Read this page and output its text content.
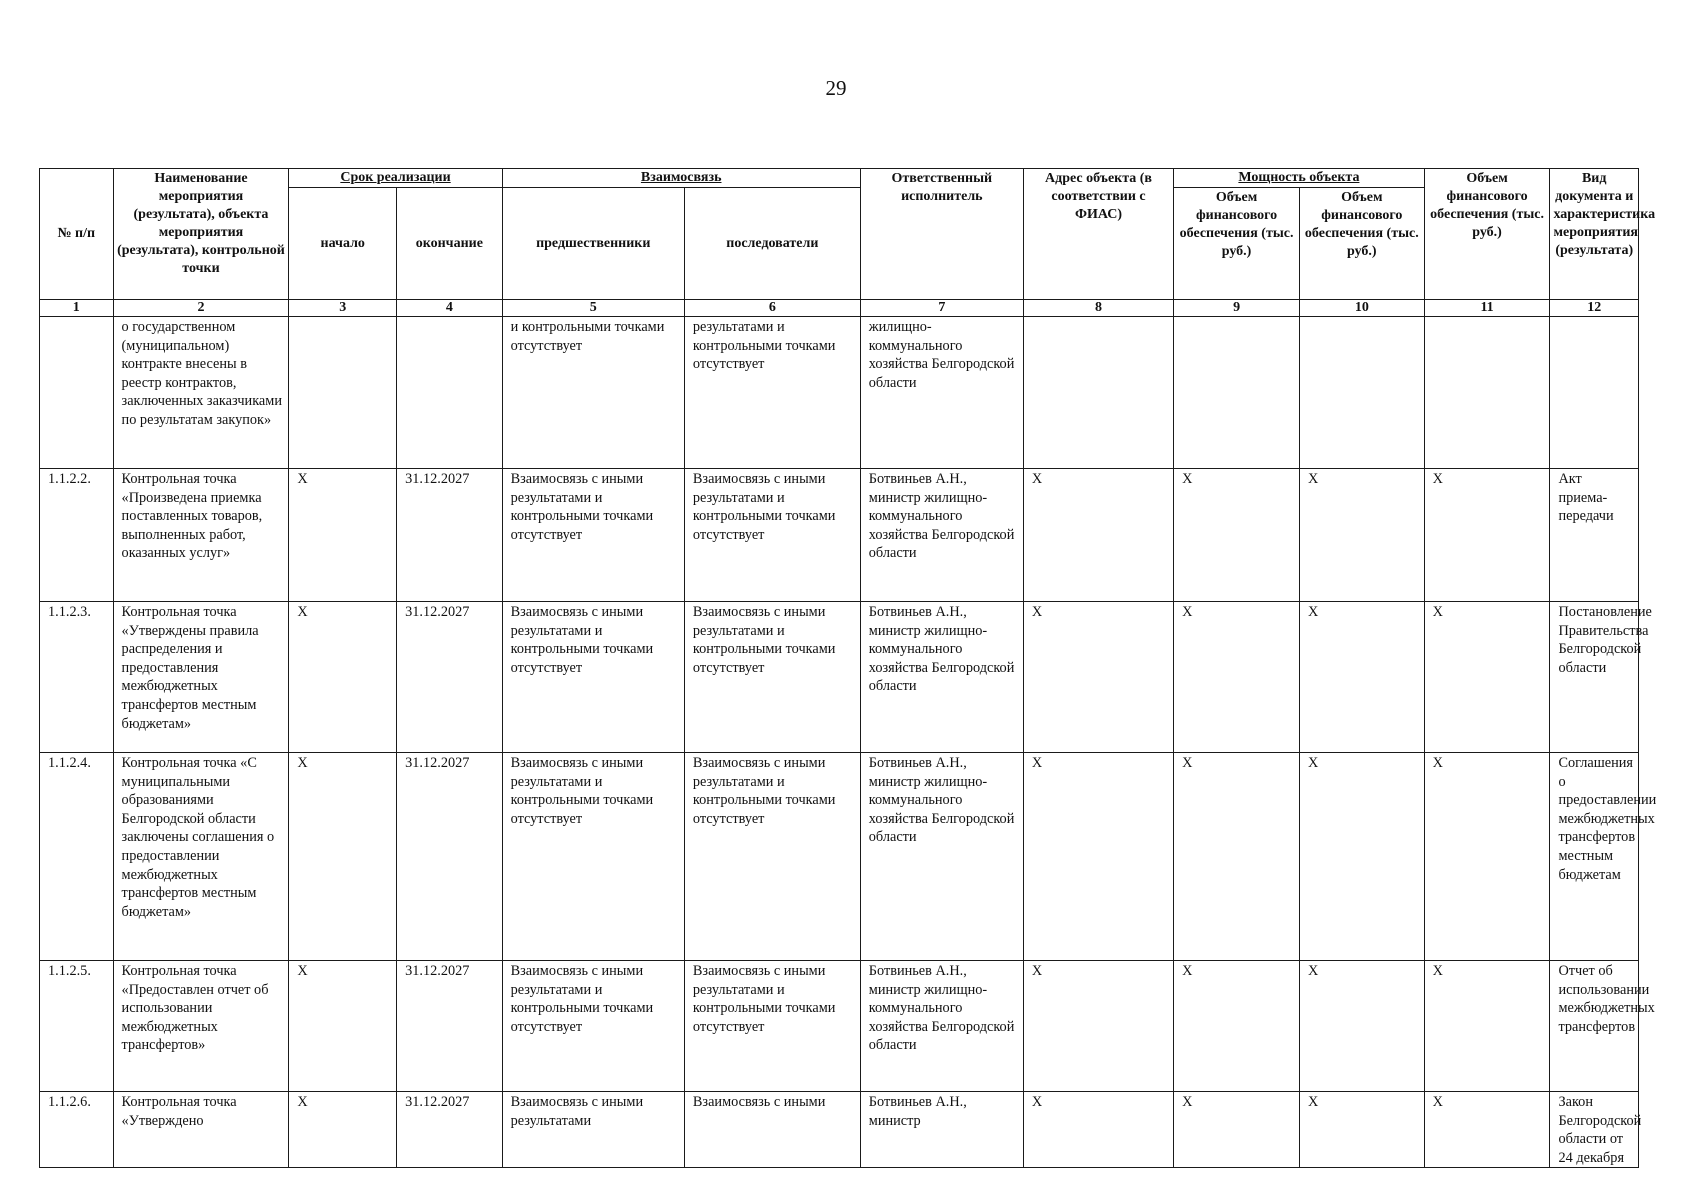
29
№ п/п	Наименование мероприятия (результата), объекта мероприятия (результата), контрольной точки	Срок реализации		Взаимосвязь		Ответственный исполнитель	Адрес объекта (в соответствии с ФИАС)	Мощность объекта		Объем финансового обеспечения (тыс. руб.)	Вид документа и характеристика мероприятия (результата)
		начало	окончание	предшественники	последователи			Объем финансового обеспечения (тыс. руб.)	Объем финансового обеспечения (тыс. руб.)		
1	2	3	4	5	6	7	8	9	10	11	12
	о государственном (муниципальном) контракте внесены в реестр контрактов, заключенных заказчиками по результатам закупок»			и контрольными точками отсутствует	результатами и контрольными точками отсутствует	жилищно-коммунального хозяйства Белгородской области					
1.1.2.2.	Контрольная точка «Произведена приемка поставленных товаров, выполненных работ, оказанных услуг»	X	31.12.2027	Взаимосвязь с иными результатами и контрольными точками отсутствует	Взаимосвязь с иными результатами и контрольными точками отсутствует	Ботвиньев А.Н., министр жилищно-коммунального хозяйства Белгородской области	X	X	X	X	Акт приема-передачи
1.1.2.3.	Контрольная точка «Утверждены правила распределения и предоставления межбюджетных трансфертов местным бюджетам»	X	31.12.2027	Взаимосвязь с иными результатами и контрольными точками отсутствует	Взаимосвязь с иными результатами и контрольными точками отсутствует	Ботвиньев А.Н., министр жилищно-коммунального хозяйства Белгородской области	X	X	X	X	Постановление Правительства Белгородской области
1.1.2.4.	Контрольная точка «С муниципальными образованиями Белгородской области заключены соглашения о предоставлении межбюджетных трансфертов местным бюджетам»	X	31.12.2027	Взаимосвязь с иными результатами и контрольными точками отсутствует	Взаимосвязь с иными результатами и контрольными точками отсутствует	Ботвиньев А.Н., министр жилищно-коммунального хозяйства Белгородской области	X	X	X	X	Соглашения о предоставлении межбюджетных трансфертов местным бюджетам
1.1.2.5.	Контрольная точка «Предоставлен отчет об использовании межбюджетных трансфертов»	X	31.12.2027	Взаимосвязь с иными результатами и контрольными точками отсутствует	Взаимосвязь с иными результатами и контрольными точками отсутствует	Ботвиньев А.Н., министр жилищно-коммунального хозяйства Белгородской области	X	X	X	X	Отчет об использовании межбюджетных трансфертов
1.1.2.6.	Контрольная точка «Утверждено	X	31.12.2027	Взаимосвязь с иными результатами	Взаимосвязь с иными	Ботвиньев А.Н., министр	X	X	X	X	Закон Белгородской области от 24 декабря
